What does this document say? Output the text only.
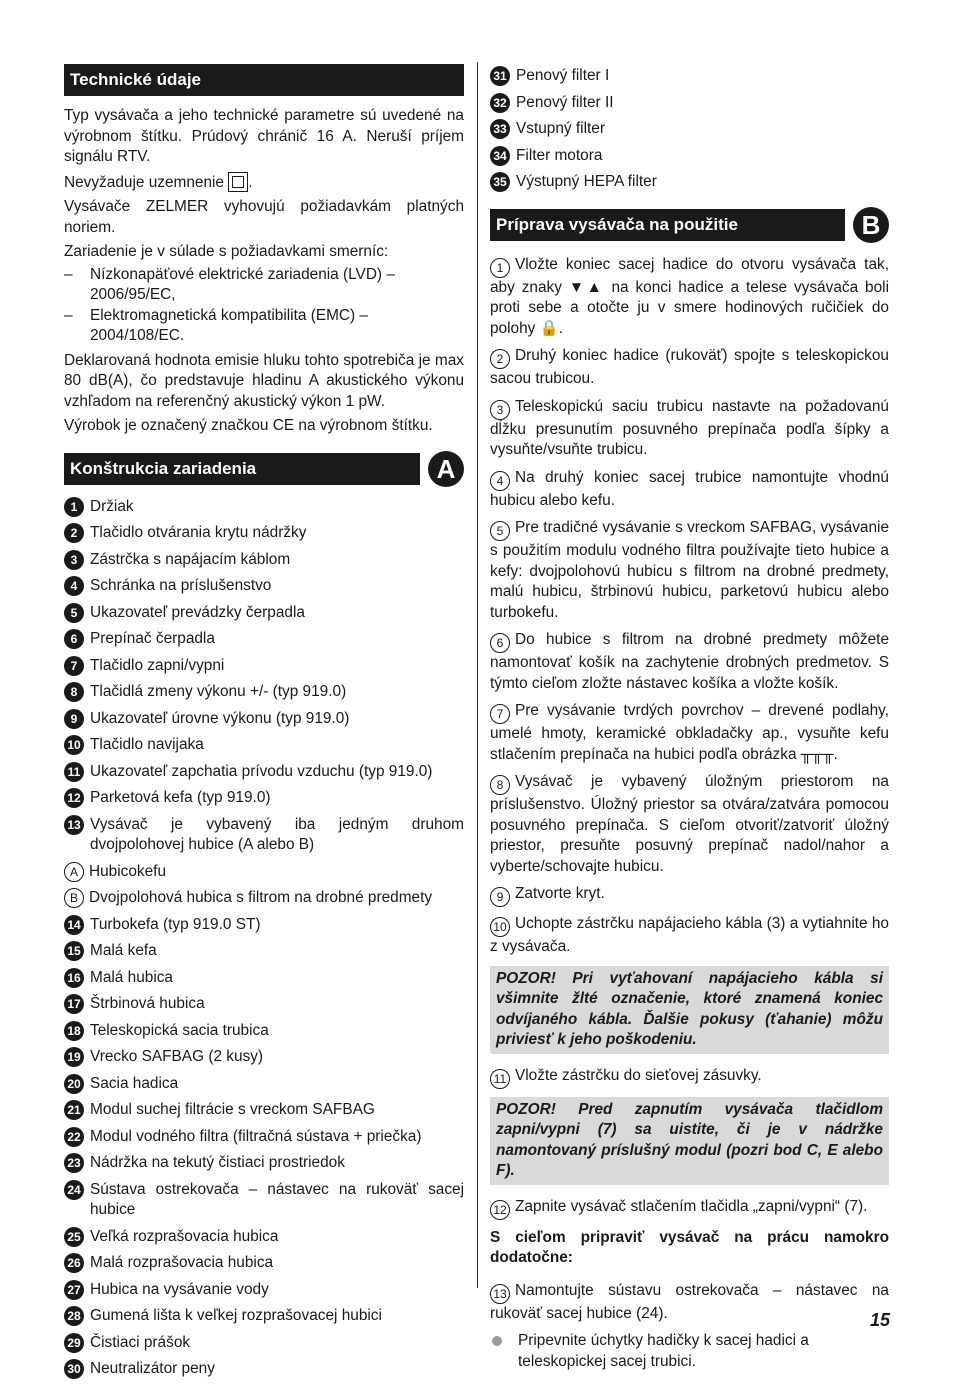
Technické údaje

Typ vysávača a jeho technické parametre sú uvedené na výrobnom štítku. Prúdový chránič 16 A. Neruší príjem signálu RTV.

Nevyžaduje uzemnenie .

Vysávače ZELMER vyhovujú požiadavkám platných noriem.

Zariadenie je v súlade s požiadavkami smerníc:

–	Nízkonapäťové elektrické zariadenia (LVD) – 2006/95/EC,
–	Elektromagnetická kompatibilita (EMC) – 2004/108/EC.

Deklarovaná hodnota emisie hluku tohto spotrebiča je max 80 dB(A), čo predstavuje hladinu A akustického výkonu vzhľadom na referenčný akustický výkon 1 pW.

Výrobok je označený značkou CE na výrobnom štítku.

Konštrukcia zariadenia	A
1 Držiak
2 Tlačidlo otvárania krytu nádržky
3 Zástrčka s napájacím káblom
4 Schránka na príslušenstvo
5 Ukazovateľ prevádzky čerpadla
6 Prepínač čerpadla
7 Tlačidlo zapni/vypni
8 Tlačidlá zmeny výkonu +/- (typ 919.0)
9 Ukazovateľ úrovne výkonu (typ 919.0)
10 Tlačidlo navijaka
11 Ukazovateľ zapchatia prívodu vzduchu (typ 919.0)
12 Parketová kefa (typ 919.0)
13 Vysávač je vybavený iba jedným druhom dvojpolohovej hubice (A alebo B)
A Hubicokefu
B Dvojpolohová hubica s filtrom na drobné predmety
14 Turbokefa (typ 919.0 ST)
15 Malá kefa
16 Malá hubica
17 Štrbinová hubica
18 Teleskopická sacia trubica
19 Vrecko SAFBAG (2 kusy)
20 Sacia hadica
21 Modul suchej filtrácie s vreckom SAFBAG
22 Modul vodného filtra (filtračná sústava + priečka)
23 Nádržka na tekutý čistiaci prostriedok
24 Sústava ostrekovača – nástavec na rukoväť sacej hubice
25 Veľká rozprašovacia hubica
26 Malá rozprašovacia hubica
27 Hubica na vysávanie vody
28 Gumená lišta k veľkej rozprašovacej hubici
29 Čistiaci prášok
30 Neutralizátor peny
31 Penový filter I
32 Penový filter II
33 Vstupný filter
34 Filter motora
35 Výstupný HEPA filter
Príprava vysávača na použitie	B
1 Vložte koniec sacej hadice do otvoru vysávača tak, aby znaky ▼▲ na konci hadice a telese vysávača boli proti sebe a otočte ju v smere hodinových ručičiek do polohy 🔒.
2 Druhý koniec hadice (rukoväť) spojte s teleskopickou sacou trubicou.
3 Teleskopickú saciu trubicu nastavte na požadovanú dĺžku presunutím posuvného prepínača podľa šípky a vysuňte/vsuňte trubicu.
4 Na druhý koniec sacej trubice namontujte vhodnú hubicu alebo kefu.
5 Pre tradičné vysávanie s vreckom SAFBAG, vysávanie s použitím modulu vodného filtra používajte tieto hubice a kefy: dvojpolohovú hubicu s filtrom na drobné predmety, malú hubicu, štrbinovú hubicu, parketovú hubicu alebo turbokefu.
6 Do hubice s filtrom na drobné predmety môžete namontovať košík na zachytenie drobných predmetov. S týmto cieľom zložte nástavec košíka a vložte košík.
7 Pre vysávanie tvrdých povrchov – drevené podlahy, umelé hmoty, keramické obkladačky ap., vysuňte kefu stlačením prepínača na hubici podľa obrázka ╥╥╥.
8 Vysávač je vybavený úložným priestorom na príslušenstvo. Úložný priestor sa otvára/zatvára pomocou posuvného prepínača. S cieľom otvoriť/zatvoriť úložný priestor, presuňte posuvný prepínač nadol/nahor a vyberte/schovajte hubicu.
9 Zatvorte kryt.
10 Uchopte zástrčku napájacieho kábla (3) a vytiahnite ho z vysávača.
POZOR! Pri vyťahovaní napájacieho kábla si všimnite žlté označenie, ktoré znamená koniec odvíjaného kábla. Ďalšie pokusy (ťahanie) môžu priviesť k jeho poškodeniu.
11 Vložte zástrčku do sieťovej zásuvky.
POZOR! Pred zapnutím vysávača tlačidlom zapni/vypni (7) sa uistite, či je v nádržke namontovaný príslušný modul (pozri bod C, E alebo F).
12 Zapnite vysávač stlačením tlačidla „zapni/vypni“ (7).

S cieľom pripraviť vysávač na prácu namokro dodatočne:

13 Namontujte sústavu ostrekovača – nástavec na rukoväť sacej hubice (24).
Pripevnite úchytky hadičky k sacej hadici a teleskopickej sacej trubici.
15
